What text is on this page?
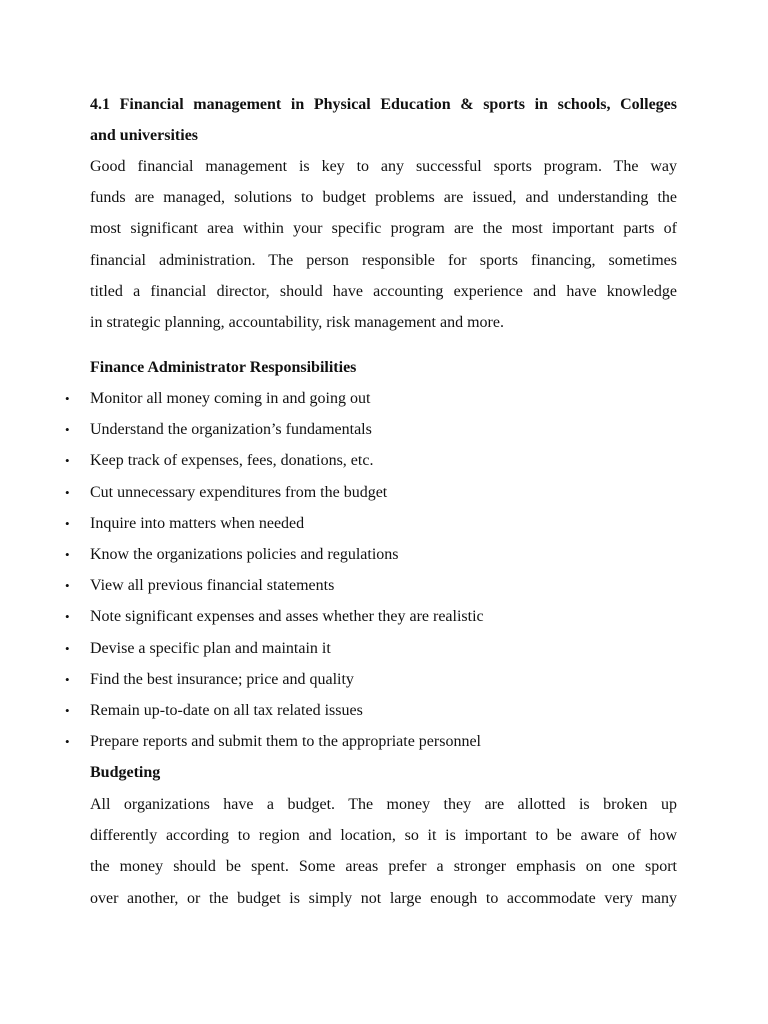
4.1 Financial management in Physical Education & sports in schools, Colleges
and universities
Good financial management is key to any successful sports program. The way
funds are managed, solutions to budget problems are issued, and understanding the
most significant area within your specific program are the most important parts of
financial administration. The person responsible for sports financing, sometimes
titled a financial director, should have accounting experience and have knowledge
in strategic planning, accountability, risk management and more.
Finance Administrator Responsibilities
• Monitor all money coming in and going out
• Understand the organization’s fundamentals
• Keep track of expenses, fees, donations, etc.
• Cut unnecessary expenditures from the budget
• Inquire into matters when needed
• Know the organizations policies and regulations
• View all previous financial statements
• Note significant expenses and asses whether they are realistic
• Devise a specific plan and maintain it
• Find the best insurance; price and quality
• Remain up-to-date on all tax related issues
• Prepare reports and submit them to the appropriate personnel
Budgeting
All organizations have a budget. The money they are allotted is broken up
differently according to region and location, so it is important to be aware of how
the money should be spent. Some areas prefer a stronger emphasis on one sport
over another, or the budget is simply not large enough to accommodate very many
